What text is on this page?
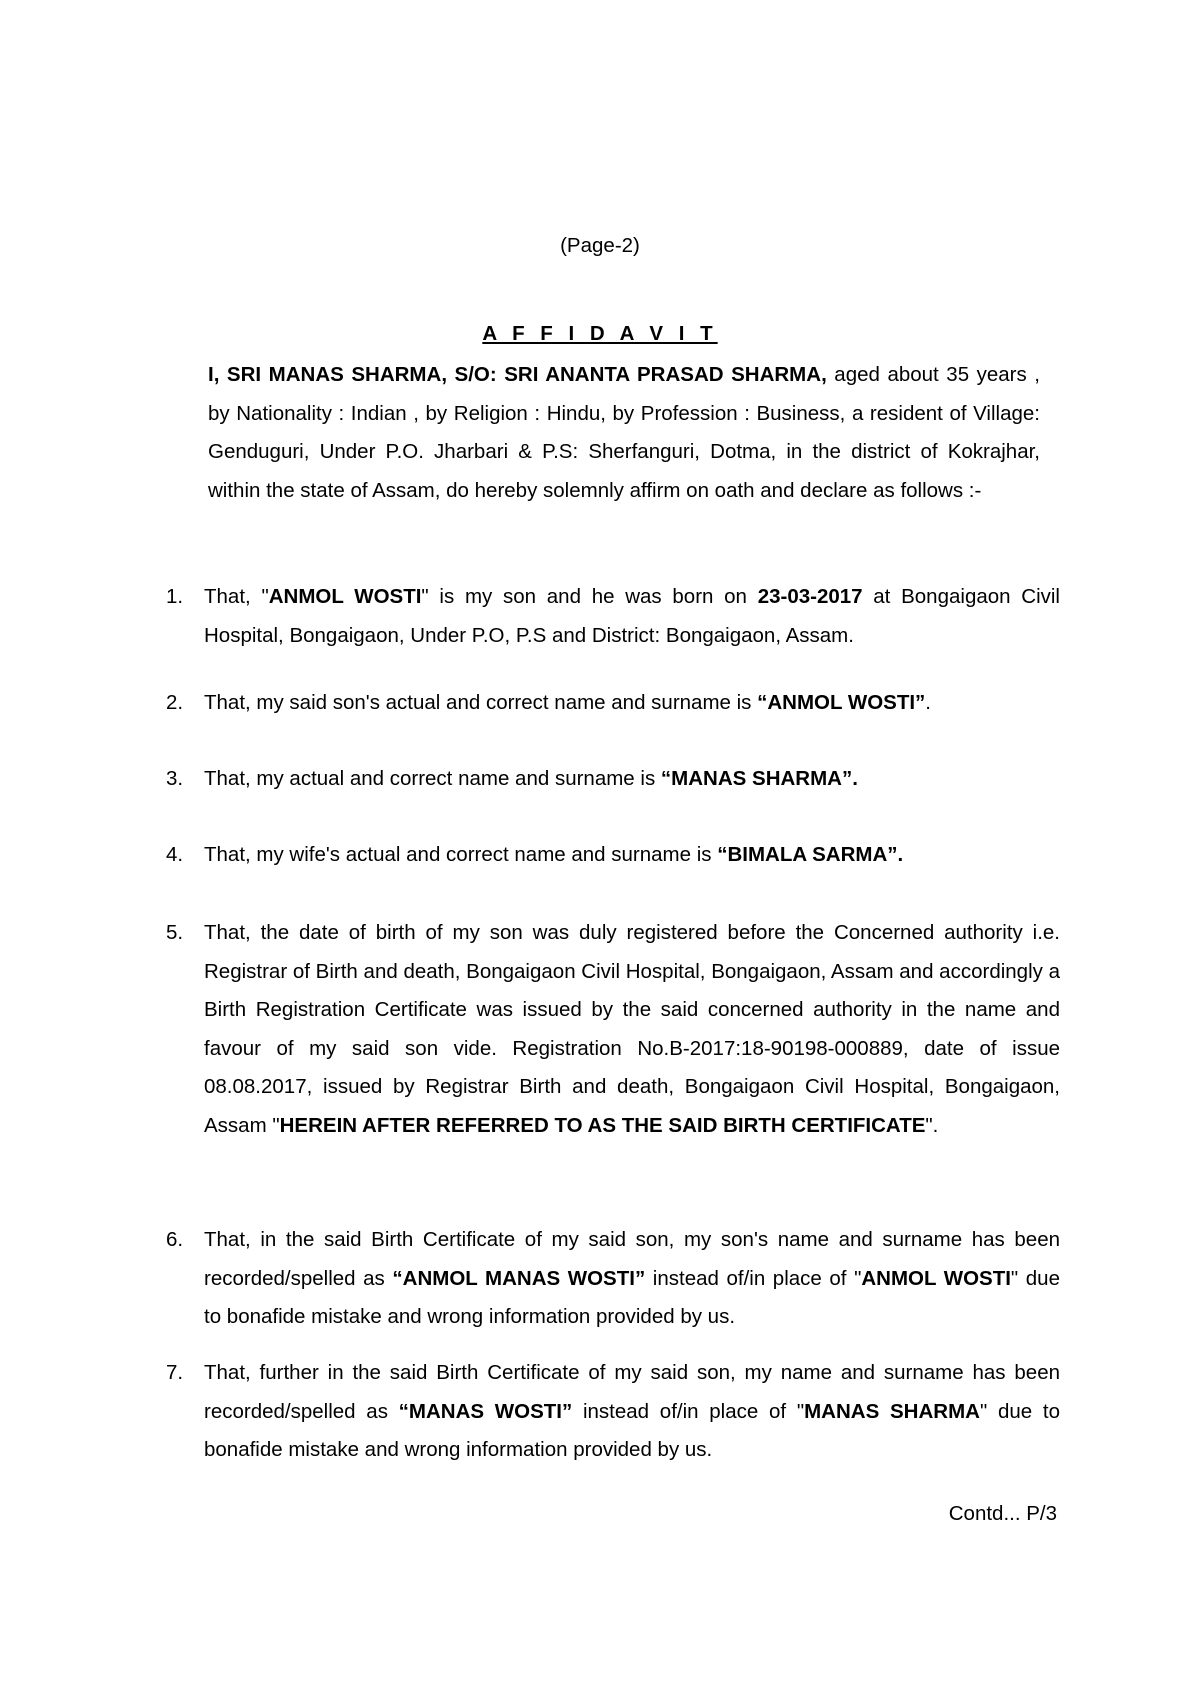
(Page-2)
A F F I D A V I T

I, SRI MANAS SHARMA, S/O: SRI ANANTA PRASAD SHARMA, aged about 35 years , by Nationality : Indian , by Religion : Hindu, by Profession : Business, a resident of Village: Genduguri, Under P.O. Jharbari & P.S: Sherfanguri, Dotma, in the district of Kokrajhar, within the state of Assam, do hereby solemnly affirm on oath and declare as follows :-

1.	That, "ANMOL WOSTI" is my son and he was born on 23-03-2017 at Bongaigaon Civil Hospital, Bongaigaon, Under P.O, P.S and District: Bongaigaon, Assam.

2.	That, my said son's actual and correct name and surname is “ANMOL WOSTI”.

3.	That, my actual and correct name and surname is “MANAS SHARMA”.

4.	That, my wife's actual and correct name and surname is “BIMALA SARMA”.

5.	That, the date of birth of my son was duly registered before the Concerned authority i.e. Registrar of Birth and death, Bongaigaon Civil Hospital, Bongaigaon, Assam and accordingly a Birth Registration Certificate was issued by the said concerned authority in the name and favour of my said son vide. Registration No.B-2017:18-90198-000889, date of issue 08.08.2017, issued by Registrar Birth and death, Bongaigaon Civil Hospital, Bongaigaon, Assam "HEREIN AFTER REFERRED TO AS THE SAID BIRTH CERTIFICATE".

6.	That, in the said Birth Certificate of my said son, my son's name and surname has been recorded/spelled as “ANMOL MANAS WOSTI” instead of/in place of "ANMOL WOSTI" due to bonafide mistake and wrong information provided by us.

7.	That, further in the said Birth Certificate of my said son, my name and surname has been recorded/spelled as “MANAS WOSTI” instead of/in place of "MANAS SHARMA" due to bonafide mistake and wrong information provided by us.

Contd... P/3
